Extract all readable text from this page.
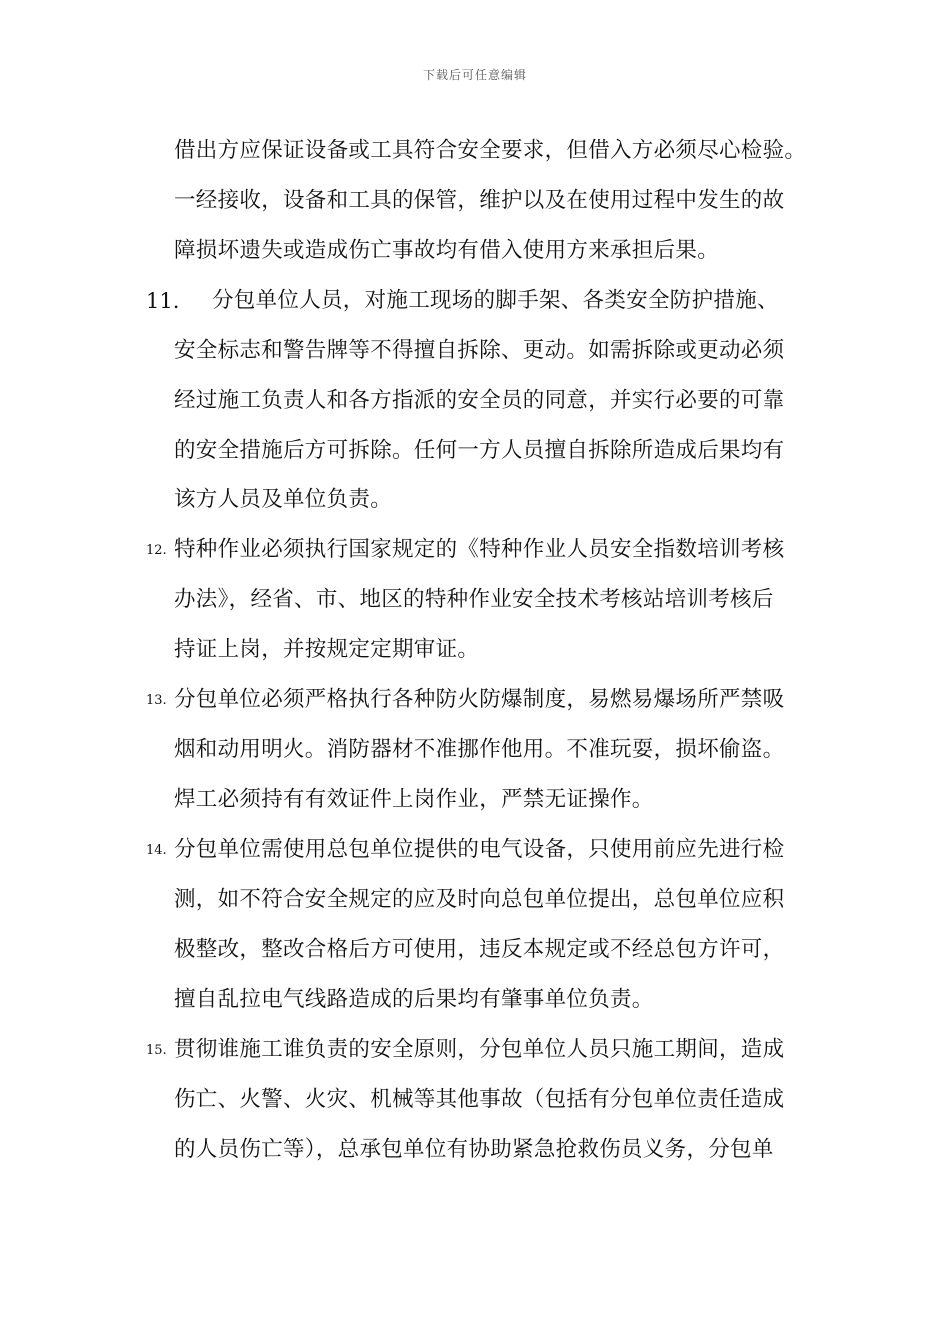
下载后可任意编辑
借出方应保证设备或工具符合安全要求，但借入方必须尽心检验。
一经接收，设备和工具的保管，维护以及在使用过程中发生的故
障损坏遗失或造成伤亡事故均有借入使用方来承担后果。
11. 分包单位人员，对施工现场的脚手架、各类安全防护措施、
安全标志和警告牌等不得擅自拆除、更动。如需拆除或更动必须
经过施工负责人和各方指派的安全员的同意，并实行必要的可靠
的安全措施后方可拆除。任何一方人员擅自拆除所造成后果均有
该方人员及单位负责。
12. 特种作业必须执行国家规定的《特种作业人员安全指数培训考核
办法》，经省、市、地区的特种作业安全技术考核站培训考核后
持证上岗，并按规定定期审证。
13. 分包单位必须严格执行各种防火防爆制度，易燃易爆场所严禁吸
烟和动用明火。消防器材不准挪作他用。不准玩耍，损坏偷盗。
焊工必须持有有效证件上岗作业，严禁无证操作。
14. 分包单位需使用总包单位提供的电气设备，只使用前应先进行检
测，如不符合安全规定的应及时向总包单位提出，总包单位应积
极整改，整改合格后方可使用，违反本规定或不经总包方许可，
擅自乱拉电气线路造成的后果均有肇事单位负责。
15. 贯彻谁施工谁负责的安全原则，分包单位人员只施工期间，造成
伤亡、火警、火灾、机械等其他事故（包括有分包单位责任造成
的人员伤亡等），总承包单位有协助紧急抢救伤员义务，分包单
